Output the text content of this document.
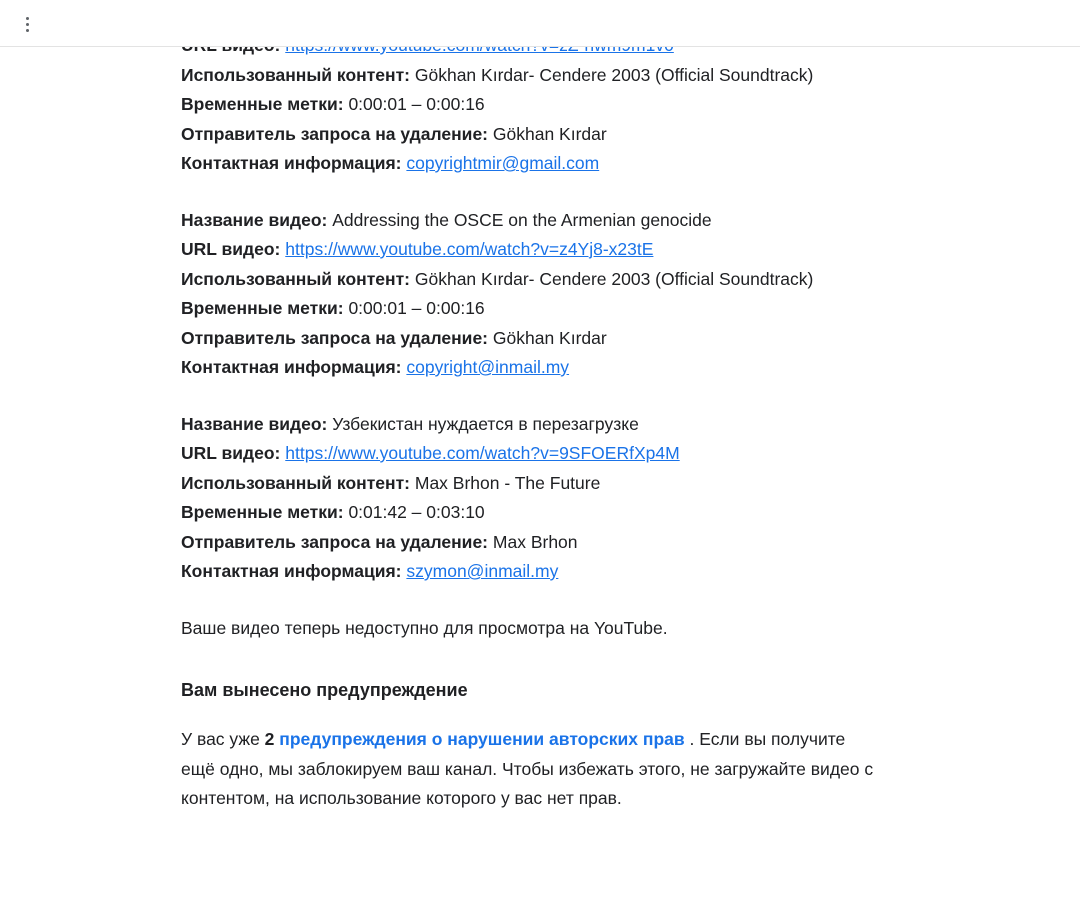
Использованный контент: Gökhan Kırdar- Cendere 2003 (Official Soundtrack)
Временные метки: 0:00:01 – 0:00:16
Отправитель запроса на удаление: Gökhan Kırdar
Контактная информация: copyrightmir@gmail.com
Название видео: Addressing the OSCE on the Armenian genocide
URL видео: https://www.youtube.com/watch?v=z4Yj8-x23tE
Использованный контент: Gökhan Kırdar- Cendere 2003 (Official Soundtrack)
Временные метки: 0:00:01 – 0:00:16
Отправитель запроса на удаление: Gökhan Kırdar
Контактная информация: copyright@inmail.my
Название видео: Узбекистан нуждается в перезагрузке
URL видео: https://www.youtube.com/watch?v=9SFOERfXp4M
Использованный контент: Max Brhon - The Future
Временные метки: 0:01:42 – 0:03:10
Отправитель запроса на удаление: Max Brhon
Контактная информация: szymon@inmail.my
Ваше видео теперь недоступно для просмотра на YouTube.
Вам вынесено предупреждение
У вас уже 2 предупреждения о нарушении авторских прав . Если вы получите ещё одно, мы заблокируем ваш канал. Чтобы избежать этого, не загружайте видео с контентом, на использование которого у вас нет прав.
